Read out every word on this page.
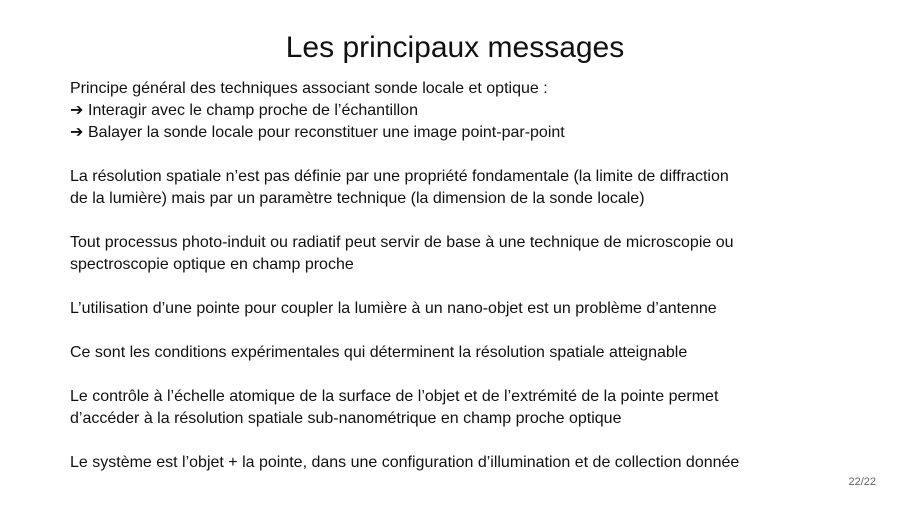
Les principaux messages

Principe général des techniques associant sonde locale et optique :

➔ Interagir avec le champ proche de l’échantillon
➔ Balayer la sonde locale pour reconstituer une image point-par-point

La résolution spatiale n’est pas définie par une propriété fondamentale (la limite de diffraction

de la lumière) mais par un paramètre technique (la dimension de la sonde locale)

Tout processus photo-induit ou radiatif peut servir de base à une technique de microscopie ou

spectroscopie optique en champ proche

L’utilisation d’une pointe pour coupler la lumière à un nano-objet est un problème d’antenne

Ce sont les conditions expérimentales qui déterminent la résolution spatiale atteignable

Le contrôle à l’échelle atomique de la surface de l’objet et de l’extrémité de la pointe permet

d’accéder à la résolution spatiale sub-nanométrique en champ proche optique

Le système est l’objet + la pointe, dans une configuration d’illumination et de collection donnée

22/22
